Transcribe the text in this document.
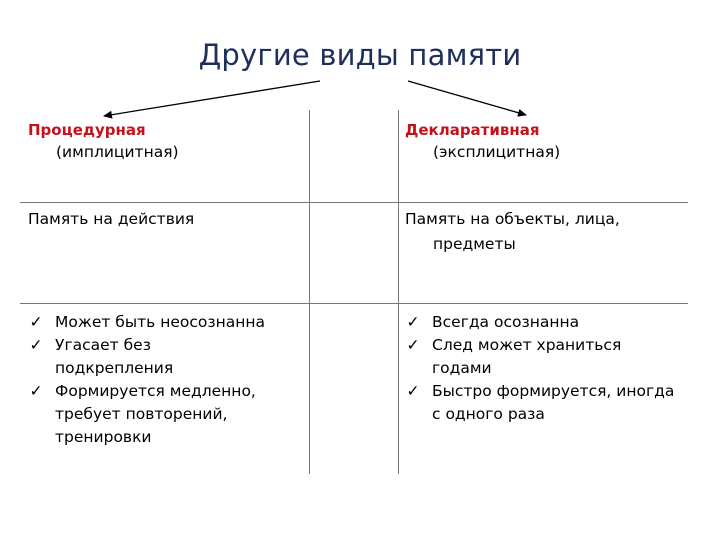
Другие виды памяти
Процедурная
(имплицитная)
Память на действия
✓ Может быть неосознанна
✓ Угасает без подкрепления
✓ Формируется медленно, требует повторений, тренировки
Декларативная
(эксплицитная)
Память на объекты, лица,
предметы
✓ Всегда осознанна
✓ След может храниться годами
✓ Быстро формируется, иногда с одного раза
